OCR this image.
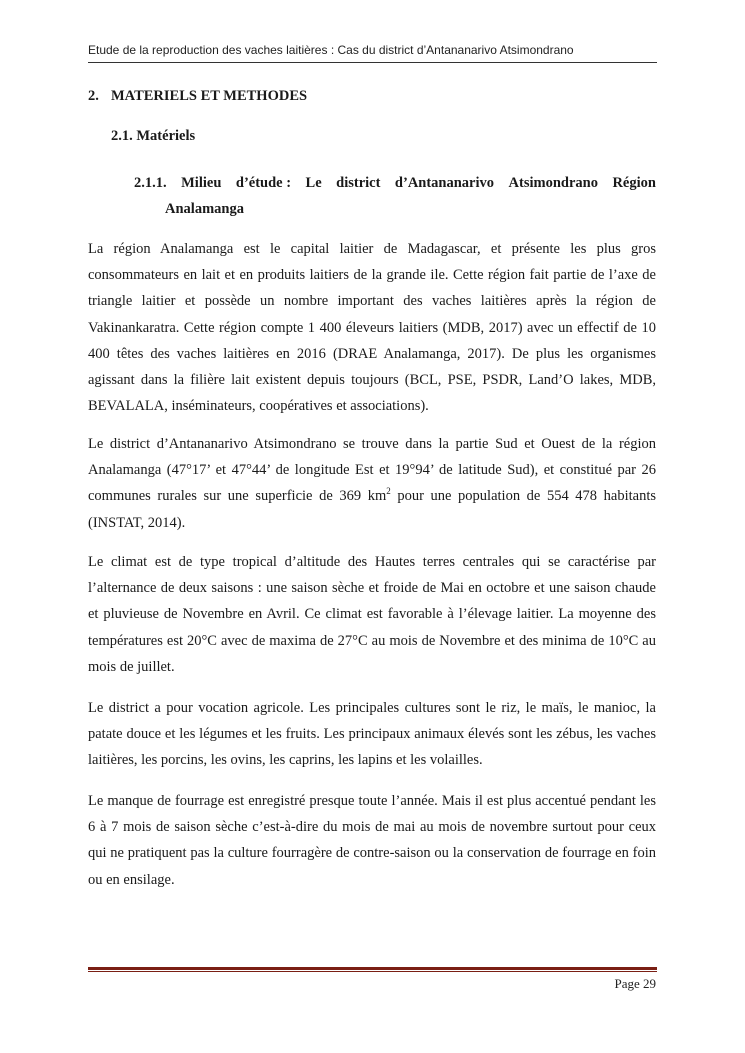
Etude de la reproduction des vaches laitières : Cas du district d’Antananarivo Atsimondrano
2. MATERIELS ET METHODES
2.1. Matériels
2.1.1. Milieu d’étude : Le district d’Antananarivo Atsimondrano Région
Analamanga

La région Analamanga est le capital laitier de Madagascar, et présente les plus gros consommateurs en lait et en produits laitiers de la grande ile. Cette région fait partie de l’axe de triangle laitier et possède un nombre important des vaches laitières après la région de Vakinankaratra. Cette région compte 1 400 éleveurs laitiers (MDB, 2017) avec un effectif de 10 400 têtes des vaches laitières en 2016 (DRAE Analamanga, 2017). De plus les organismes agissant dans la filière lait existent depuis toujours (BCL, PSE, PSDR, Land’O lakes, MDB, BEVALALA, inséminateurs, coopératives et associations).

Le district d’Antananarivo Atsimondrano se trouve dans la partie Sud et Ouest de la région Analamanga (47°17’ et 47°44’ de longitude Est et 19°94’ de latitude Sud), et constitué par 26 communes rurales sur une superficie de 369 $km^2$ pour une population de 554 478 habitants (INSTAT, 2014).

Le climat est de type tropical d’altitude des Hautes terres centrales qui se caractérise par l’alternance de deux saisons : une saison sèche et froide de Mai en octobre et une saison chaude et pluvieuse de Novembre en Avril. Ce climat est favorable à l’élevage laitier. La moyenne des températures est 20°C avec de maxima de 27°C au mois de Novembre et des minima de 10°C au mois de juillet.

Le district a pour vocation agricole. Les principales cultures sont le riz, le maïs, le manioc, la patate douce et les légumes et les fruits. Les principaux animaux élevés sont les zébus, les vaches laitières, les porcins, les ovins, les caprins, les lapins et les volailles.

Le manque de fourrage est enregistré presque toute l’année. Mais il est plus accentué pendant les 6 à 7 mois de saison sèche c’est-à-dire du mois de mai au mois de novembre surtout pour ceux qui ne pratiquent pas la culture fourragère de contre-saison ou la conservation de fourrage en foin ou en ensilage.

Page 29
